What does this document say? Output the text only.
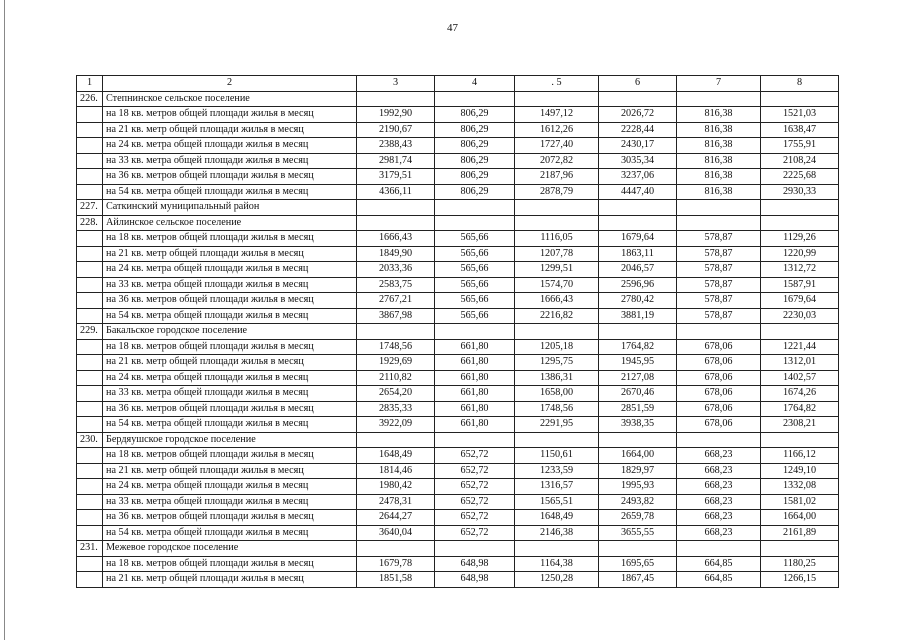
47
1	2	3	4	. 5	6	7	8
226.	Степнинское сельское поселение						
	на 18 кв. метров общей площади жилья в месяц	1992,90	806,29	1497,12	2026,72	816,38	1521,03
	на 21 кв. метр общей площади жилья в месяц	2190,67	806,29	1612,26	2228,44	816,38	1638,47
	на 24 кв. метра общей площади жилья в месяц	2388,43	806,29	1727,40	2430,17	816,38	1755,91
	на 33 кв. метра общей площади жилья в месяц	2981,74	806,29	2072,82	3035,34	816,38	2108,24
	на 36 кв. метров общей площади жилья в месяц	3179,51	806,29	2187,96	3237,06	816,38	2225,68
	на 54 кв. метра общей площади жилья в месяц	4366,11	806,29	2878,79	4447,40	816,38	2930,33
227.	Саткинский муниципальный район						
228.	Айлинское сельское поселение						
	на 18 кв. метров общей площади жилья в месяц	1666,43	565,66	1116,05	1679,64	578,87	1129,26
	на 21 кв. метр общей площади жилья в месяц	1849,90	565,66	1207,78	1863,11	578,87	1220,99
	на 24 кв. метра общей площади жилья в месяц	2033,36	565,66	1299,51	2046,57	578,87	1312,72
	на 33 кв. метра общей площади жилья в месяц	2583,75	565,66	1574,70	2596,96	578,87	1587,91
	на 36 кв. метров общей площади жилья в месяц	2767,21	565,66	1666,43	2780,42	578,87	1679,64
	на 54 кв. метра общей площади жилья в месяц	3867,98	565,66	2216,82	3881,19	578,87	2230,03
229.	Бакальское городское поселение						
	на 18 кв. метров общей площади жилья в месяц	1748,56	661,80	1205,18	1764,82	678,06	1221,44
	на 21 кв. метр общей площади жилья в месяц	1929,69	661,80	1295,75	1945,95	678,06	1312,01
	на 24 кв. метра общей площади жилья в месяц	2110,82	661,80	1386,31	2127,08	678,06	1402,57
	на 33 кв. метра общей площади жилья в месяц	2654,20	661,80	1658,00	2670,46	678,06	1674,26
	на 36 кв. метров общей площади жилья в месяц	2835,33	661,80	1748,56	2851,59	678,06	1764,82
	на 54 кв. метра общей площади жилья в месяц	3922,09	661,80	2291,95	3938,35	678,06	2308,21
230.	Бердяушское городское поселение						
	на 18 кв. метров общей площади жилья в месяц	1648,49	652,72	1150,61	1664,00	668,23	1166,12
	на 21 кв. метр общей площади жилья в месяц	1814,46	652,72	1233,59	1829,97	668,23	1249,10
	на 24 кв. метра общей площади жилья в месяц	1980,42	652,72	1316,57	1995,93	668,23	1332,08
	на 33 кв. метра общей площади жилья в месяц	2478,31	652,72	1565,51	2493,82	668,23	1581,02
	на 36 кв. метров общей площади жилья в месяц	2644,27	652,72	1648,49	2659,78	668,23	1664,00
	на 54 кв. метра общей площади жилья в месяц	3640,04	652,72	2146,38	3655,55	668,23	2161,89
231.	Межевое городское поселение						
	на 18 кв. метров общей площади жилья в месяц	1679,78	648,98	1164,38	1695,65	664,85	1180,25
	на 21 кв. метр общей площади жилья в месяц	1851,58	648,98	1250,28	1867,45	664,85	1266,15
